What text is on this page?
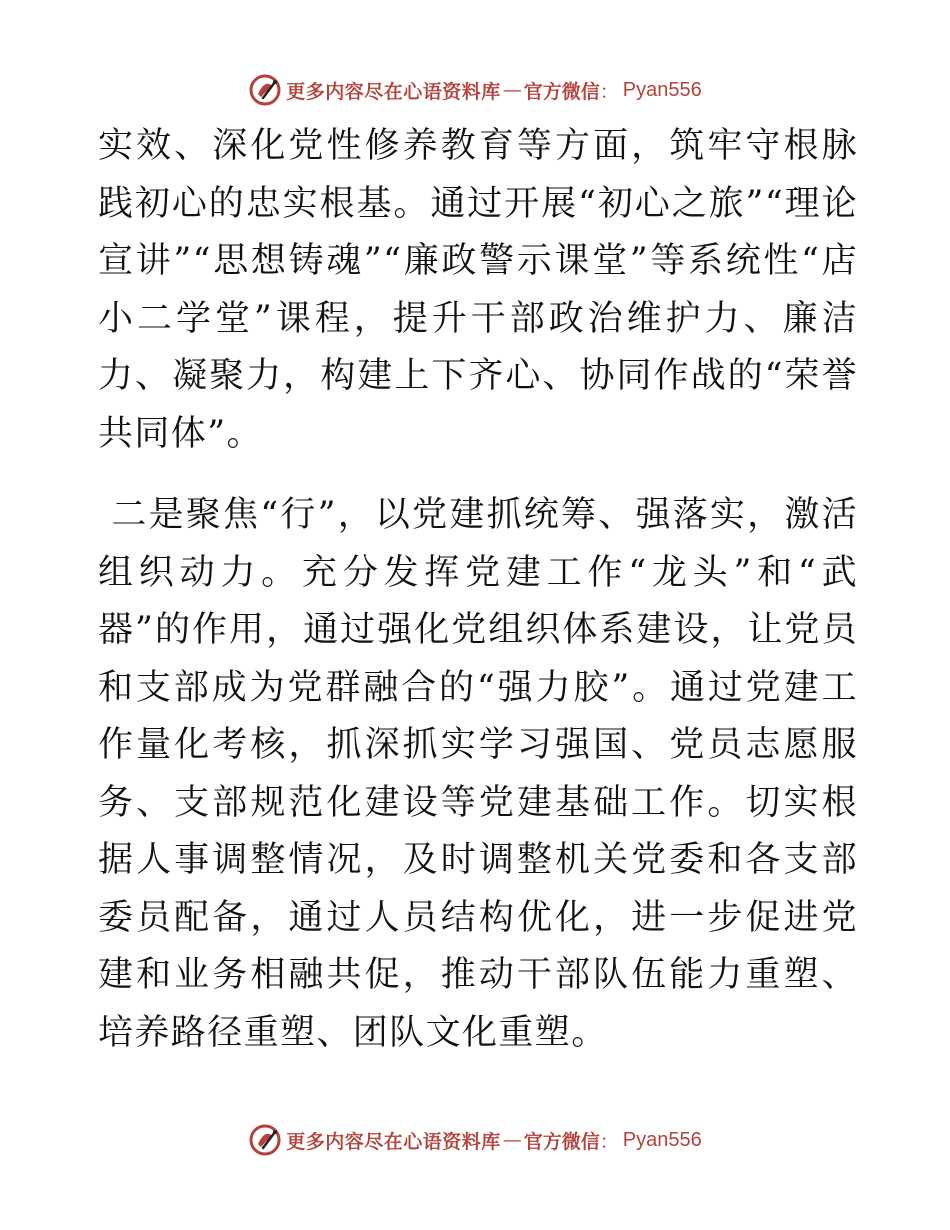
更多内容尽在心语资料库 — 官方微信 ： Pyan556

实效、深化党性修养教育等方面，筑牢守根脉践初心的忠实根基。通过开展“初心之旅”“理论宣讲”“思想铸魂”“廉政警示课堂”等系统性“店小二学堂”课程，提升干部政治维护力、廉洁力、凝聚力，构建上下齐心、协同作战的“荣誉共同体”。

二是聚焦“行”，以党建抓统筹、强落实，激活组织动力。充分发挥党建工作“龙头”和“武器”的作用，通过强化党组织体系建设，让党员和支部成为党群融合的“强力胶”。通过党建工作量化考核，抓深抓实学习强国、党员志愿服务、支部规范化建设等党建基础工作。切实根据人事调整情况，及时调整机关党委和各支部委员配备，通过人员结构优化，进一步促进党建和业务相融共促，推动干部队伍能力重塑、培养路径重塑、团队文化重塑。

更多内容尽在心语资料库 — 官方微信 ： Pyan556
